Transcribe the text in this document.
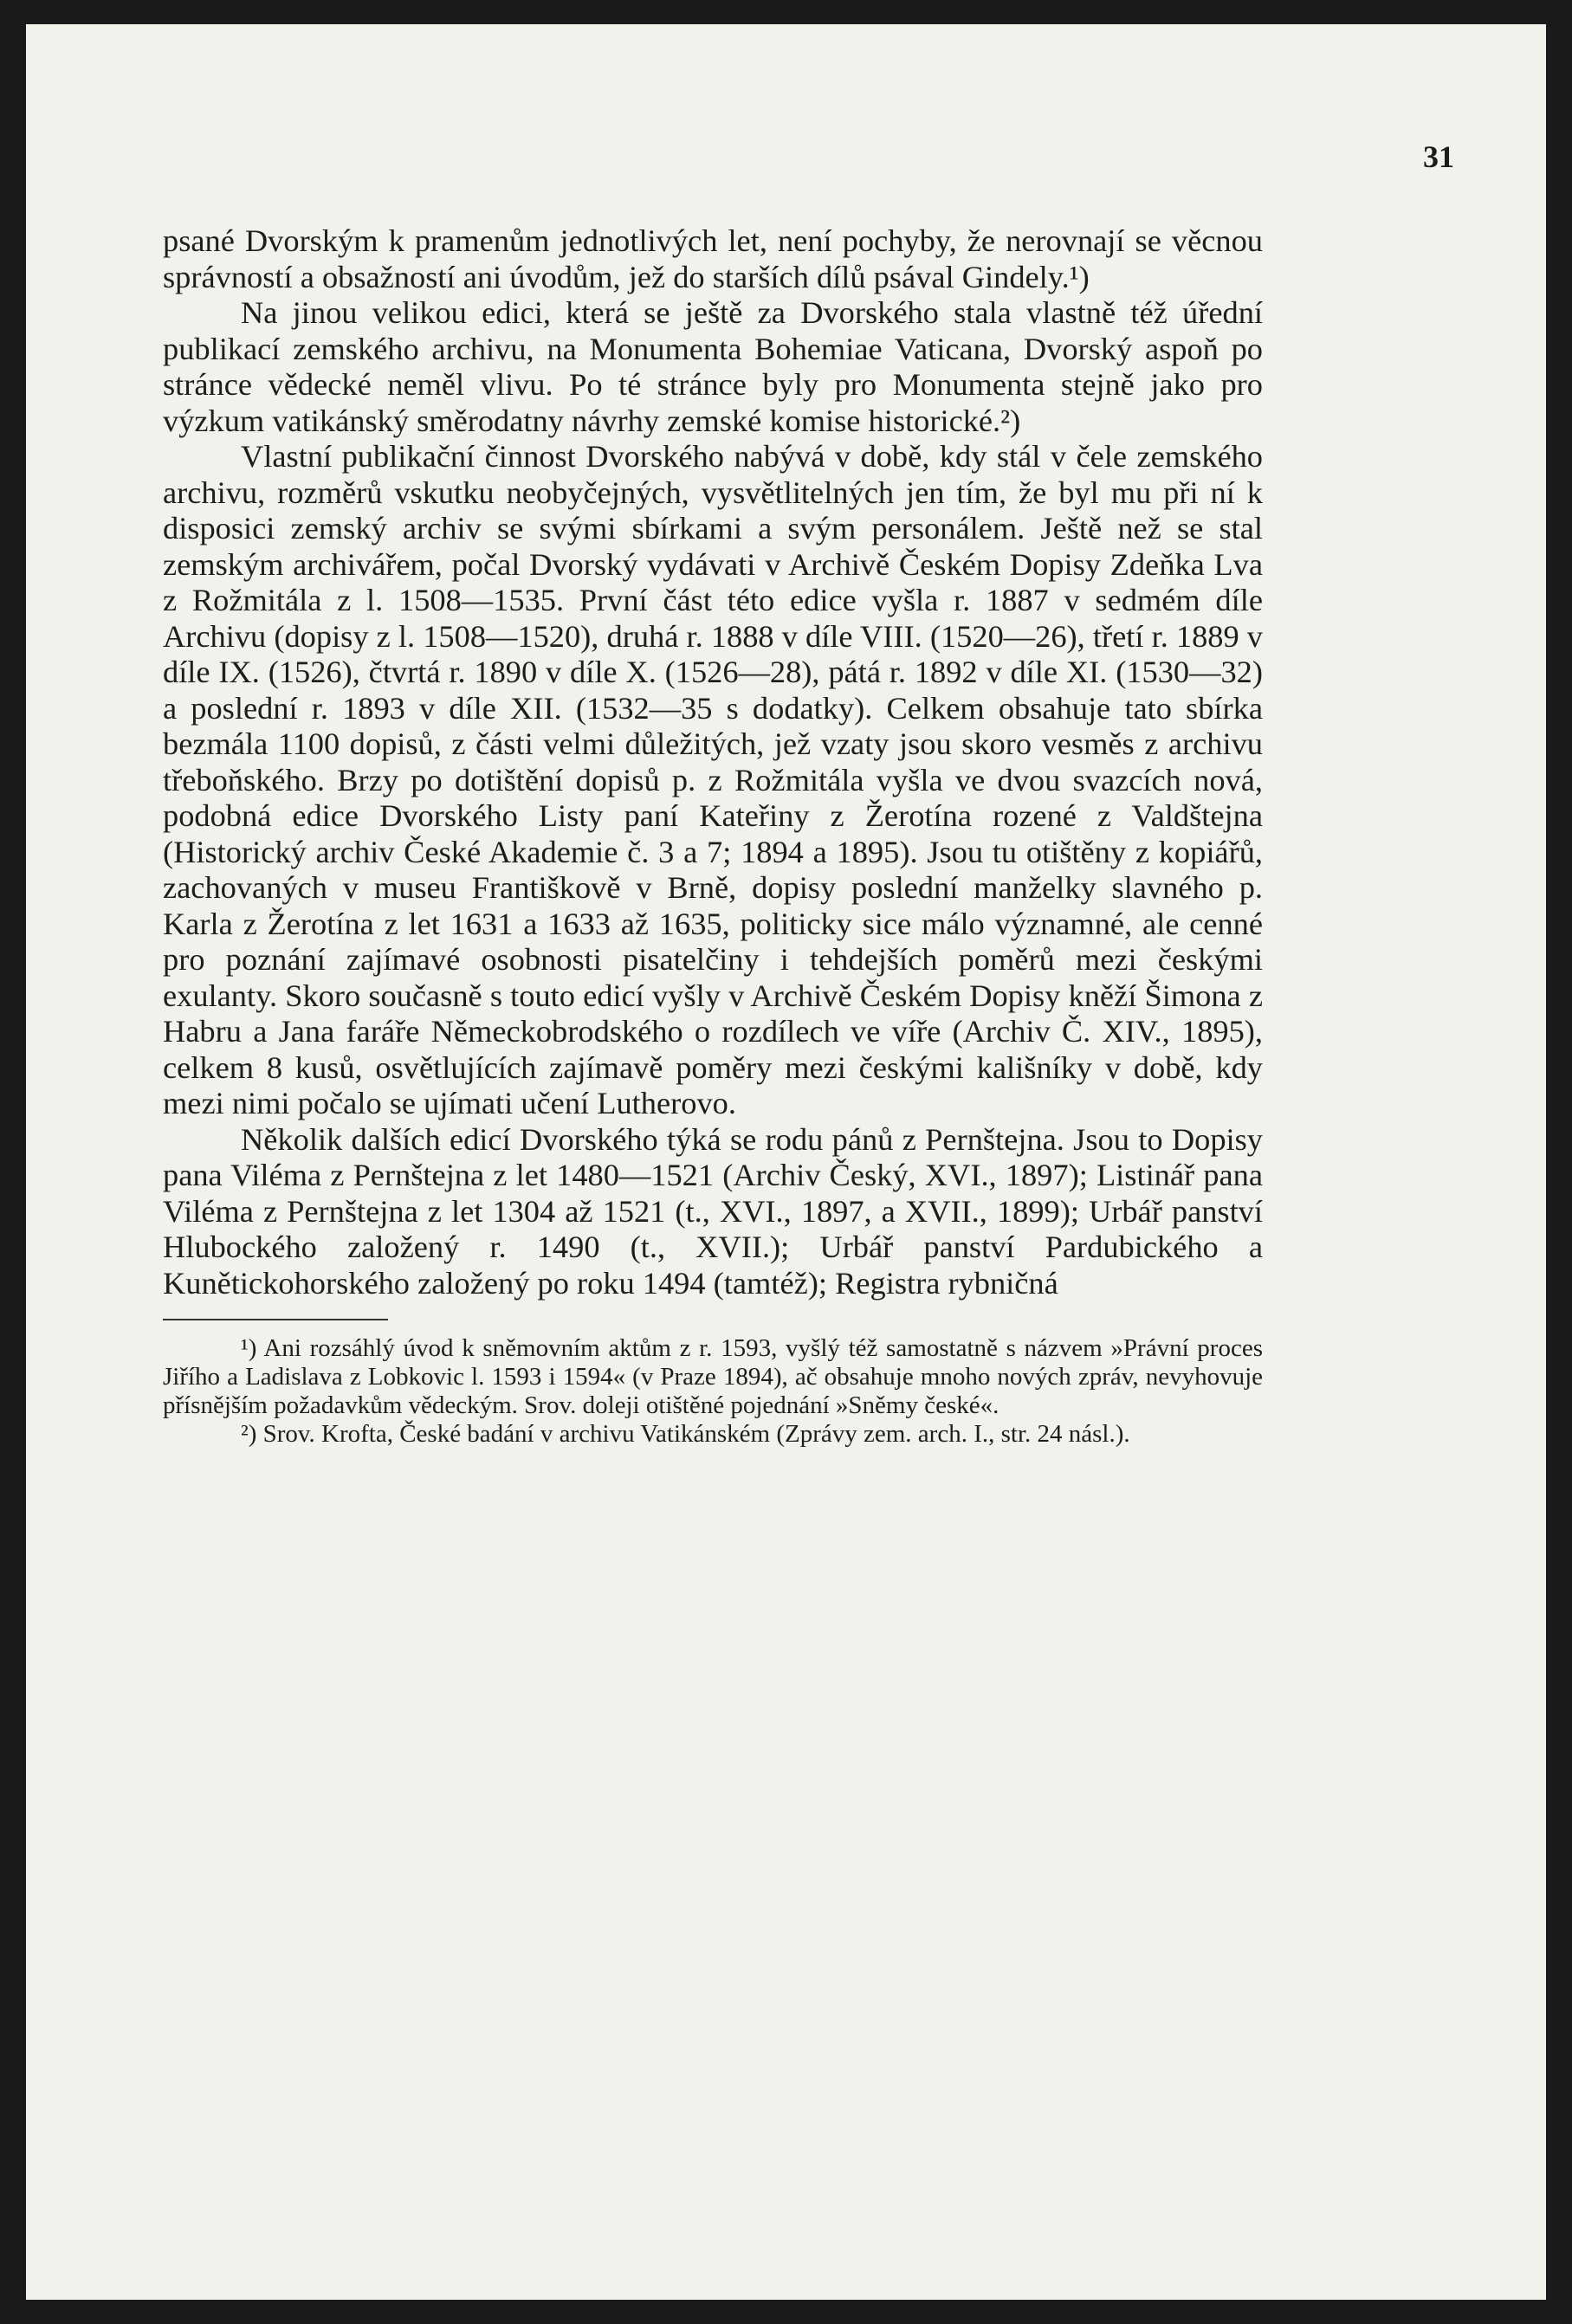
31

psané Dvorským k pramenům jednotlivých let, není pochyby, že nerovnají se věcnou správností a obsažností ani úvodům, jež do starších dílů psával Gindely.¹)

Na jinou velikou edici, která se ještě za Dvorského stala vlastně též úřední publikací zemského archivu, na Monumenta Bohemiae Vaticana, Dvorský aspoň po stránce vědecké neměl vlivu. Po té stránce byly pro Monumenta stejně jako pro výzkum vatikánský směrodatny návrhy zemské komise historické.²)

Vlastní publikační činnost Dvorského nabývá v době, kdy stál v čele zemského archivu, rozměrů vskutku neobyčejných, vysvětlitelných jen tím, že byl mu při ní k disposici zemský archiv se svými sbírkami a svým personálem. Ještě než se stal zemským archivářem, počal Dvorský vydávati v Archivě Českém Dopisy Zdeňka Lva z Rožmitála z l. 1508—1535. První část této edice vyšla r. 1887 v sedmém díle Archivu (dopisy z l. 1508—1520), druhá r. 1888 v díle VIII. (1520—26), třetí r. 1889 v díle IX. (1526), čtvrtá r. 1890 v díle X. (1526—28), pátá r. 1892 v díle XI. (1530—32) a poslední r. 1893 v díle XII. (1532—35 s dodatky). Celkem obsahuje tato sbírka bezmála 1100 dopisů, z části velmi důležitých, jež vzaty jsou skoro vesměs z archivu třeboňského. Brzy po dotištění dopisů p. z Rožmitála vyšla ve dvou svazcích nová, podobná edice Dvorského Listy paní Kateřiny z Žerotína rozené z Valdštejna (Historický archiv České Akademie č. 3 a 7; 1894 a 1895). Jsou tu otištěny z kopiářů, zachovaných v museu Františkově v Brně, dopisy poslední manželky slavného p. Karla z Žerotína z let 1631 a 1633 až 1635, politicky sice málo významné, ale cenné pro poznání zajímavé osobnosti pisatelčiny i tehdejších poměrů mezi českými exulanty. Skoro současně s touto edicí vyšly v Archivě Českém Dopisy kněží Šimona z Habru a Jana faráře Německobrodského o rozdílech ve víře (Archiv Č. XIV., 1895), celkem 8 kusů, osvětlujících zajímavě poměry mezi českými kališníky v době, kdy mezi nimi počalo se ujímati učení Lutherovo.

Několik dalších edicí Dvorského týká se rodu pánů z Pernštejna. Jsou to Dopisy pana Viléma z Pernštejna z let 1480—1521 (Archiv Český, XVI., 1897); Listinář pana Viléma z Pernštejna z let 1304 až 1521 (t., XVI., 1897, a XVII., 1899); Urbář panství Hlubockého založený r. 1490 (t., XVII.); Urbář panství Pardubického a Kunětickohorského založený po roku 1494 (tamtéž); Registra rybničná

¹) Ani rozsáhlý úvod k sněmovním aktům z r. 1593, vyšlý též samostatně s názvem »Právní proces Jiřího a Ladislava z Lobkovic l. 1593 i 1594« (v Praze 1894), ač obsahuje mnoho nových zpráv, nevyhovuje přísnějším požadavkům vědeckým. Srov. doleji otištěné pojednání »Sněmy české«.

²) Srov. Krofta, České badání v archivu Vatikánském (Zprávy zem. arch. I., str. 24 násl.).
